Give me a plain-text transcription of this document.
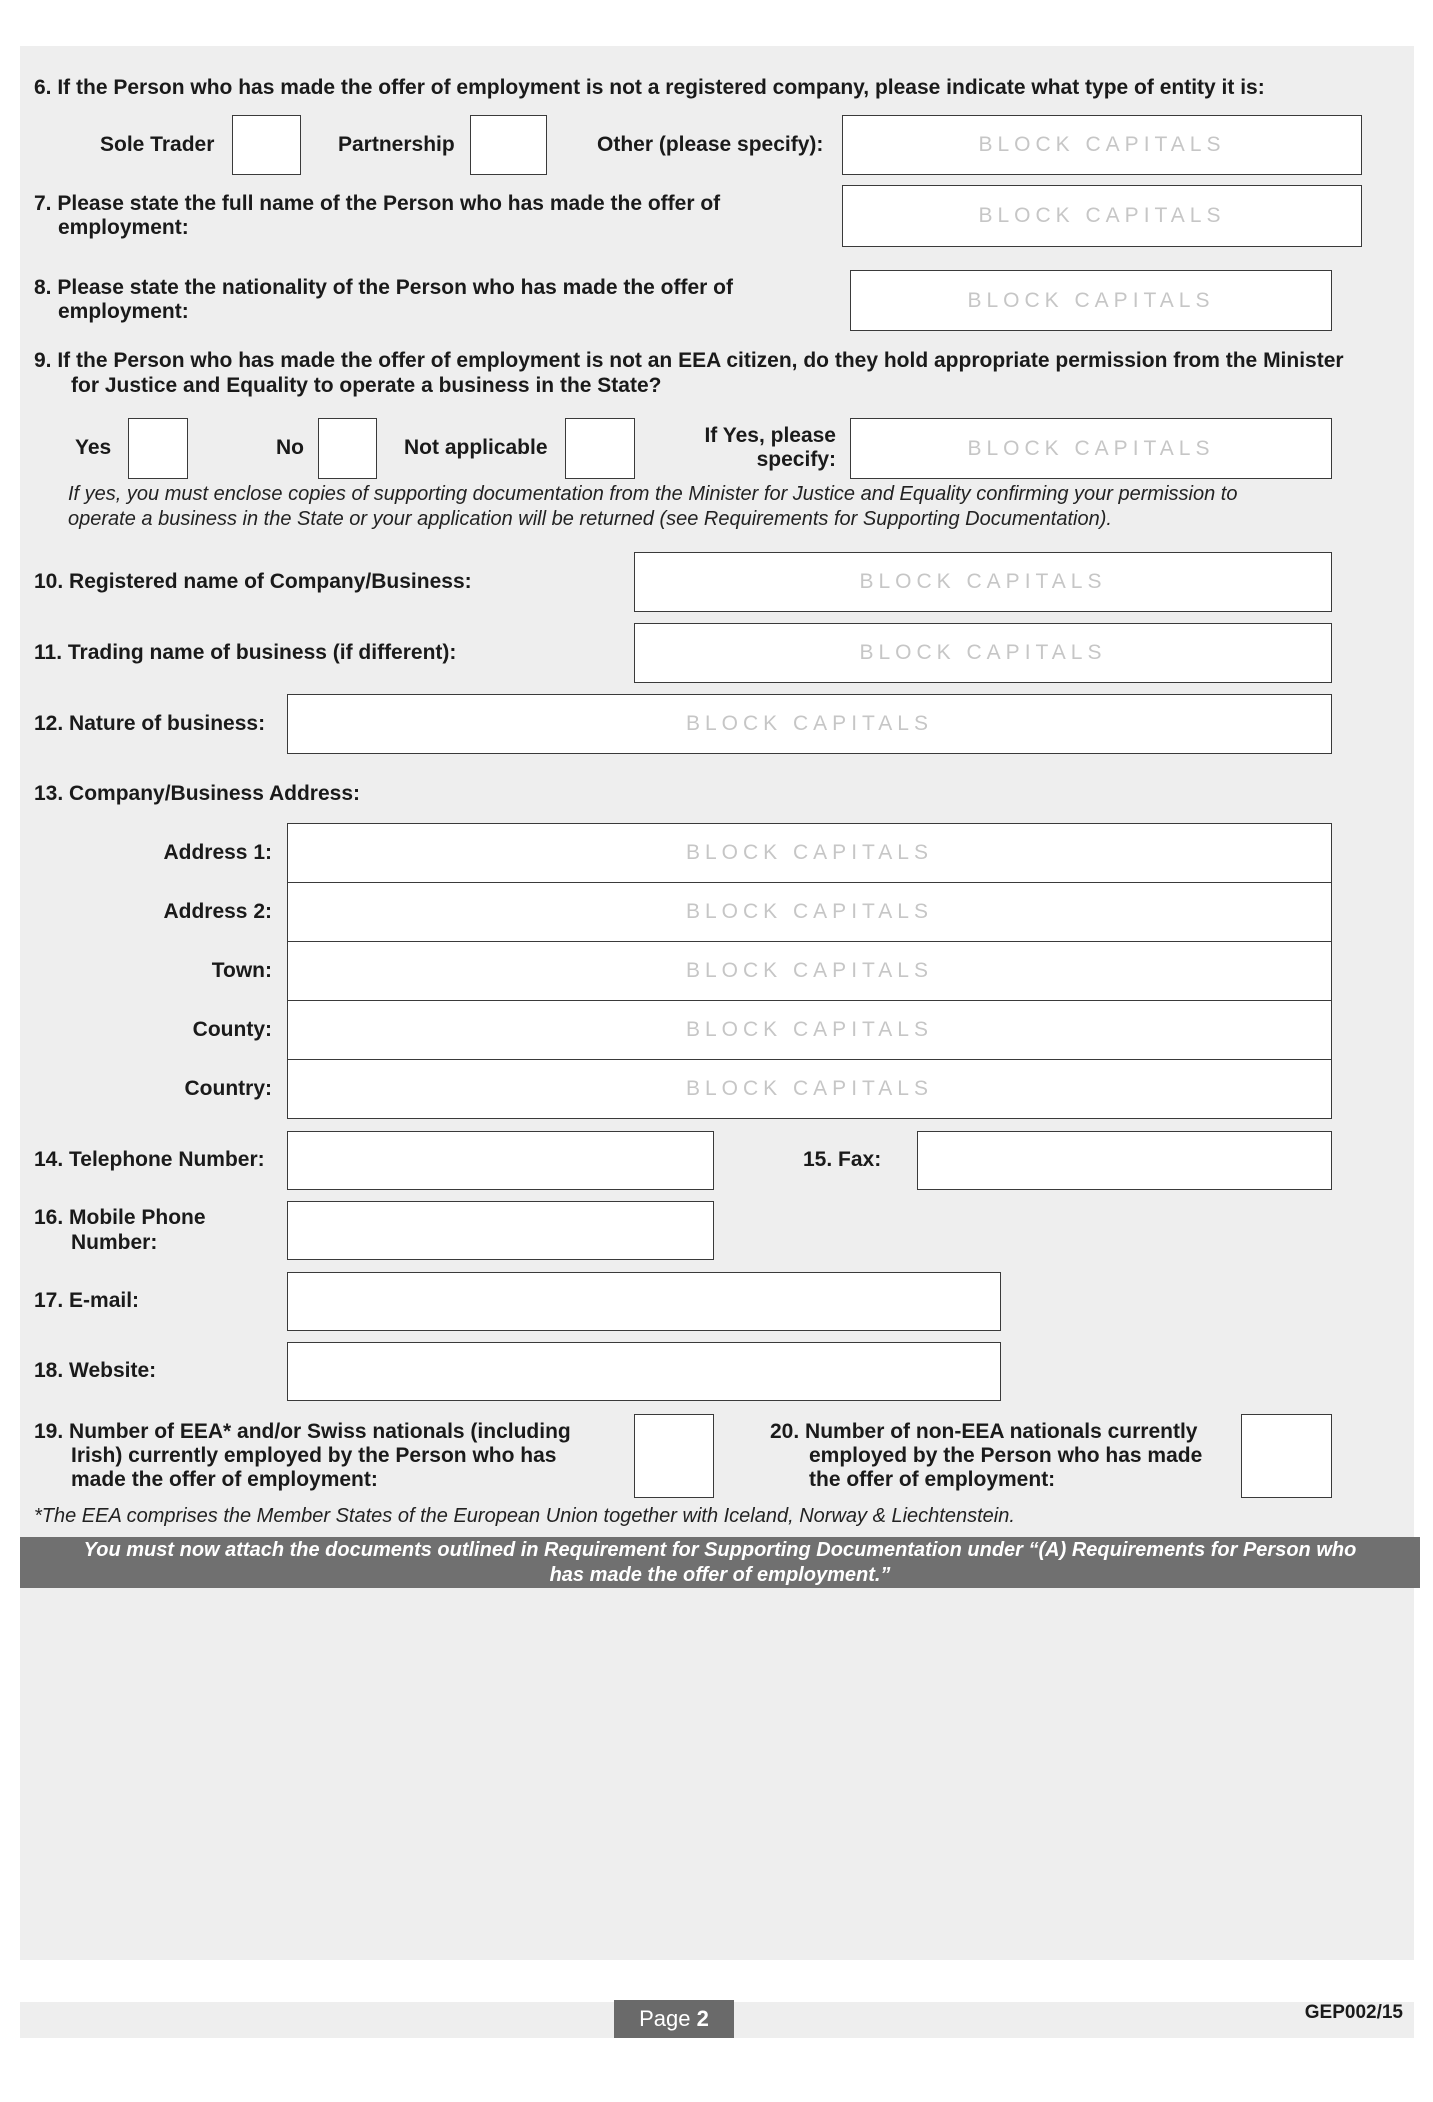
6. If the Person who has made the offer of employment is not a registered company, please indicate what type of entity it is:
Sole Trader	Partnership	Other (please specify):	BLOCK CAPITALS
7. Please state the full name of the Person who has made the offer of
employment:
BLOCK CAPITALS
8. Please state the nationality of the Person who has made the offer of
employment:	BLOCK CAPITALS
9. If the Person who has made the offer of employment is not an EEA citizen, do they hold appropriate permission from the Minister
for Justice and Equality to operate a business in the State?
Yes	No	Not applicable
If Yes, please
specify:	BLOCK CAPITALS
If yes, you must enclose copies of supporting documentation from the Minister for Justice and Equality confirming your permission to
operate a business in the State or your application will be returned (see Requirements for Supporting Documentation).
10. Registered name of Company/Business:	BLOCK CAPITALS
11. Trading name of business (if different):	BLOCK CAPITALS
12. Nature of business:	BLOCK CAPITALS
13. Company/Business Address:
Address 1:	BLOCK CAPITALS
Address 2:	BLOCK CAPITALS
Town:	BLOCK CAPITALS
County:	BLOCK CAPITALS
Country:	BLOCK CAPITALS
14. Telephone Number:	15. Fax:
16. Mobile Phone
Number:
17. E-mail:
18. Website:
19. Number of EEA* and/or Swiss nationals (including
Irish) currently employed by the Person who has
made the offer of employment:
20. Number of non-EEA nationals currently
employed by the Person who has made
the offer of employment:
*The EEA comprises the Member States of the European Union together with Iceland, Norway & Liechtenstein.
You must now attach the documents outlined in Requirement for Supporting Documentation under “(A) Requirements for Person who
has made the offer of employment.”
Page 2	GEP002/15
